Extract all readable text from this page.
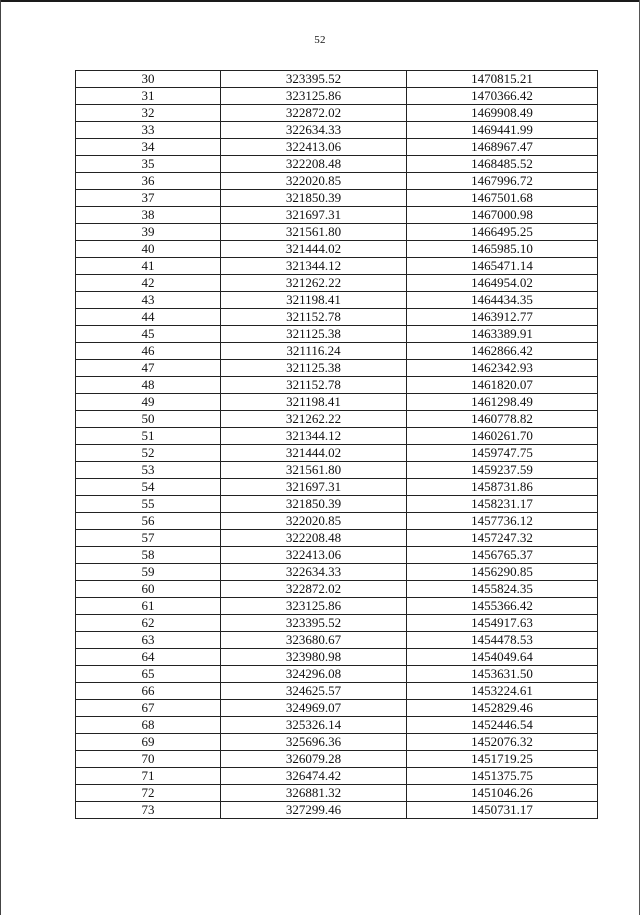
52
30	323395.52	1470815.21
31	323125.86	1470366.42
32	322872.02	1469908.49
33	322634.33	1469441.99
34	322413.06	1468967.47
35	322208.48	1468485.52
36	322020.85	1467996.72
37	321850.39	1467501.68
38	321697.31	1467000.98
39	321561.80	1466495.25
40	321444.02	1465985.10
41	321344.12	1465471.14
42	321262.22	1464954.02
43	321198.41	1464434.35
44	321152.78	1463912.77
45	321125.38	1463389.91
46	321116.24	1462866.42
47	321125.38	1462342.93
48	321152.78	1461820.07
49	321198.41	1461298.49
50	321262.22	1460778.82
51	321344.12	1460261.70
52	321444.02	1459747.75
53	321561.80	1459237.59
54	321697.31	1458731.86
55	321850.39	1458231.17
56	322020.85	1457736.12
57	322208.48	1457247.32
58	322413.06	1456765.37
59	322634.33	1456290.85
60	322872.02	1455824.35
61	323125.86	1455366.42
62	323395.52	1454917.63
63	323680.67	1454478.53
64	323980.98	1454049.64
65	324296.08	1453631.50
66	324625.57	1453224.61
67	324969.07	1452829.46
68	325326.14	1452446.54
69	325696.36	1452076.32
70	326079.28	1451719.25
71	326474.42	1451375.75
72	326881.32	1451046.26
73	327299.46	1450731.17
